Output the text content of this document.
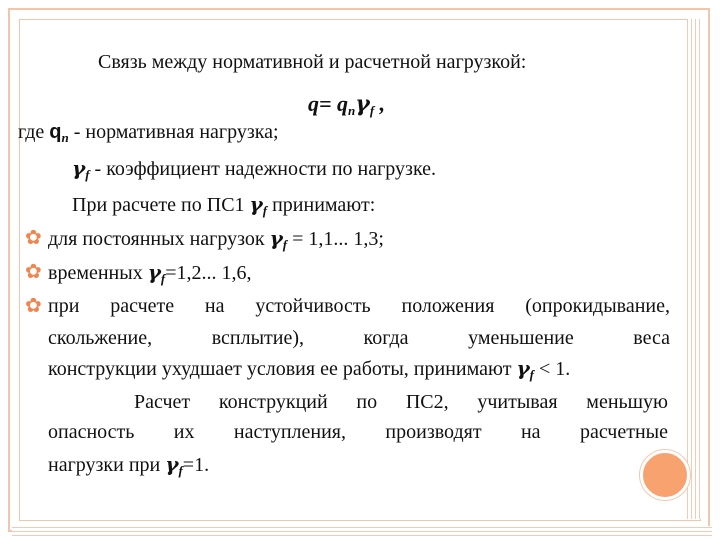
Связь между нормативной и расчетной нагрузкой:
$q= q_n\gamma_f$ ,
где $q_n$ - нормативная нагрузка;
$\gamma_f$ - коэффициент надежности по нагрузке.
При расчете по ПС1 $\gamma_f$ принимают:
✿ для постоянных нагрузок $\gamma_f = 1,1$... 1,3;
✿ временных $\gamma_f=1,2$... 1,6,
✿ при расчете на устойчивость положения (опрокидывание,
скольжение, всплытие), когда уменьшение веса
конструкции ухудшает условия ее работы, принимают $\gamma_f < 1$.
Расчет конструкций по ПС2, учитывая меньшую
опасность их наступления, производят на расчетные
нагрузки при $\gamma_f=1$.
